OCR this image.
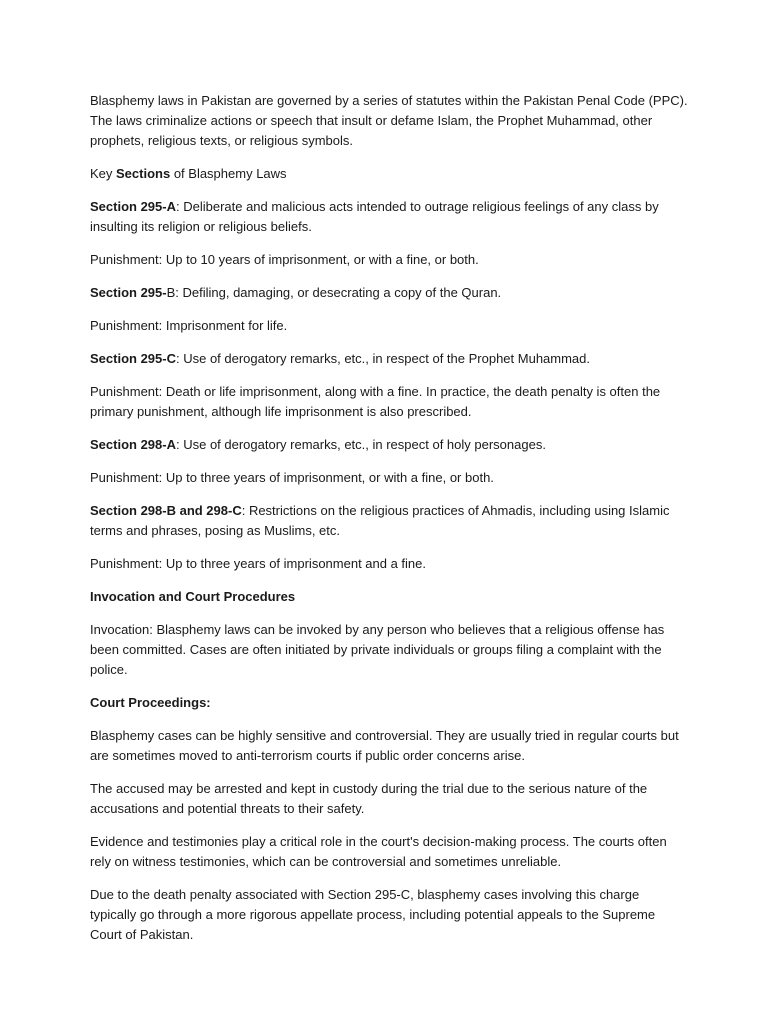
Blasphemy laws in Pakistan are governed by a series of statutes within the Pakistan Penal Code (PPC). The laws criminalize actions or speech that insult or defame Islam, the Prophet Muhammad, other prophets, religious texts, or religious symbols.

Key Sections of Blasphemy Laws

Section 295-A: Deliberate and malicious acts intended to outrage religious feelings of any class by insulting its religion or religious beliefs.

Punishment: Up to 10 years of imprisonment, or with a fine, or both.

Section 295-B: Defiling, damaging, or desecrating a copy of the Quran.

Punishment: Imprisonment for life.

Section 295-C: Use of derogatory remarks, etc., in respect of the Prophet Muhammad.

Punishment: Death or life imprisonment, along with a fine. In practice, the death penalty is often the primary punishment, although life imprisonment is also prescribed.

Section 298-A: Use of derogatory remarks, etc., in respect of holy personages.

Punishment: Up to three years of imprisonment, or with a fine, or both.

Section 298-B and 298-C: Restrictions on the religious practices of Ahmadis, including using Islamic terms and phrases, posing as Muslims, etc.

Punishment: Up to three years of imprisonment and a fine.

Invocation and Court Procedures

Invocation: Blasphemy laws can be invoked by any person who believes that a religious offense has been committed. Cases are often initiated by private individuals or groups filing a complaint with the police.

Court Proceedings:

Blasphemy cases can be highly sensitive and controversial. They are usually tried in regular courts but are sometimes moved to anti-terrorism courts if public order concerns arise.

The accused may be arrested and kept in custody during the trial due to the serious nature of the accusations and potential threats to their safety.

Evidence and testimonies play a critical role in the court's decision-making process. The courts often rely on witness testimonies, which can be controversial and sometimes unreliable.

Due to the death penalty associated with Section 295-C, blasphemy cases involving this charge typically go through a more rigorous appellate process, including potential appeals to the Supreme Court of Pakistan.
